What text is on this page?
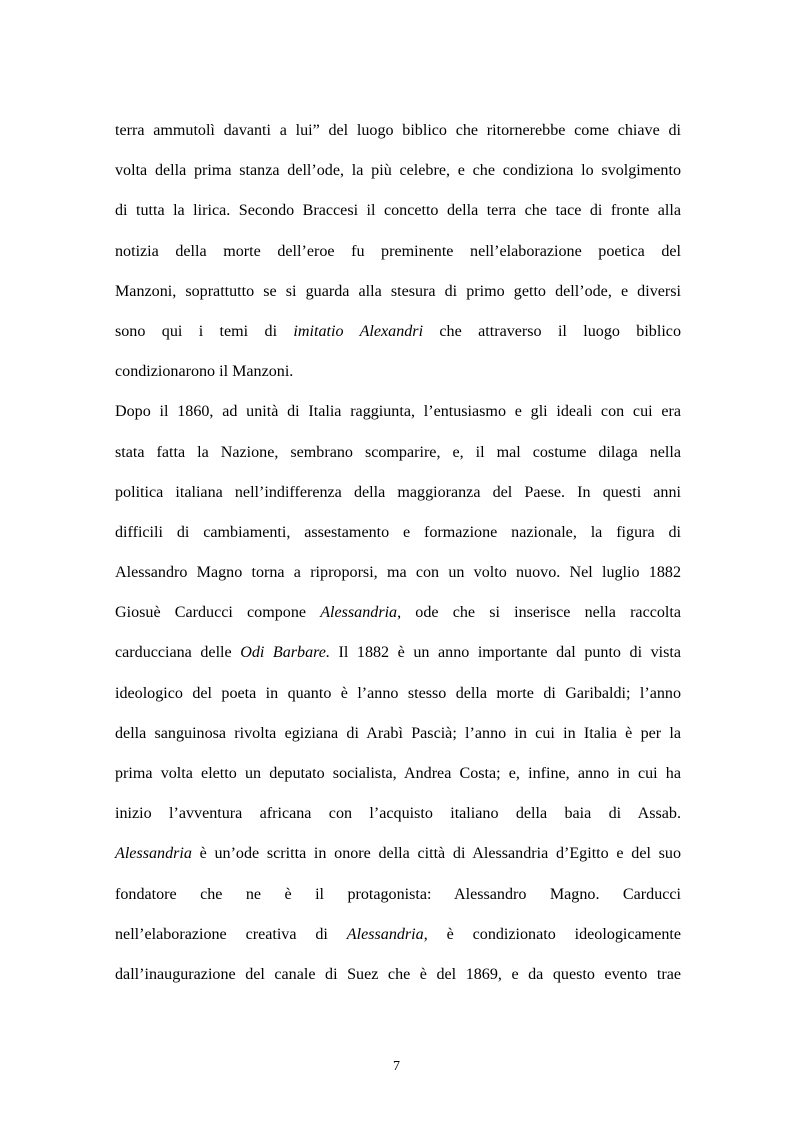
terra ammutolì davanti a lui” del luogo biblico che ritornerebbe come chiave di
volta della prima stanza dell’ode, la più celebre, e che condiziona lo svolgimento
di tutta la lirica. Secondo Braccesi il concetto della terra che tace di fronte alla
notizia della morte dell’eroe fu preminente nell’elaborazione poetica del
Manzoni, soprattutto se si guarda alla stesura di primo getto dell’ode, e diversi
sono qui i temi di imitatio Alexandri che attraverso il luogo biblico
condizionarono il Manzoni.
Dopo il 1860, ad unità di Italia raggiunta, l’entusiasmo e gli ideali con cui era
stata fatta la Nazione, sembrano scomparire, e, il mal costume dilaga nella
politica italiana nell’indifferenza della maggioranza del Paese. In questi anni
difficili di cambiamenti, assestamento e formazione nazionale, la figura di
Alessandro Magno torna a riproporsi, ma con un volto nuovo. Nel luglio 1882
Giosuè Carducci compone Alessandria, ode che si inserisce nella raccolta
carducciana delle Odi Barbare. Il 1882 è un anno importante dal punto di vista
ideologico del poeta in quanto è l’anno stesso della morte di Garibaldi; l’anno
della sanguinosa rivolta egiziana di Arabì Pascià; l’anno in cui in Italia è per la
prima volta eletto un deputato socialista, Andrea Costa; e, infine, anno in cui ha
inizio l’avventura africana con l’acquisto italiano della baia di Assab.
Alessandria è un’ode scritta in onore della città di Alessandria d’Egitto e del suo
fondatore che ne è il protagonista: Alessandro Magno. Carducci
nell’elaborazione creativa di Alessandria, è condizionato ideologicamente
dall’inaugurazione del canale di Suez che è del 1869, e da questo evento trae
7
